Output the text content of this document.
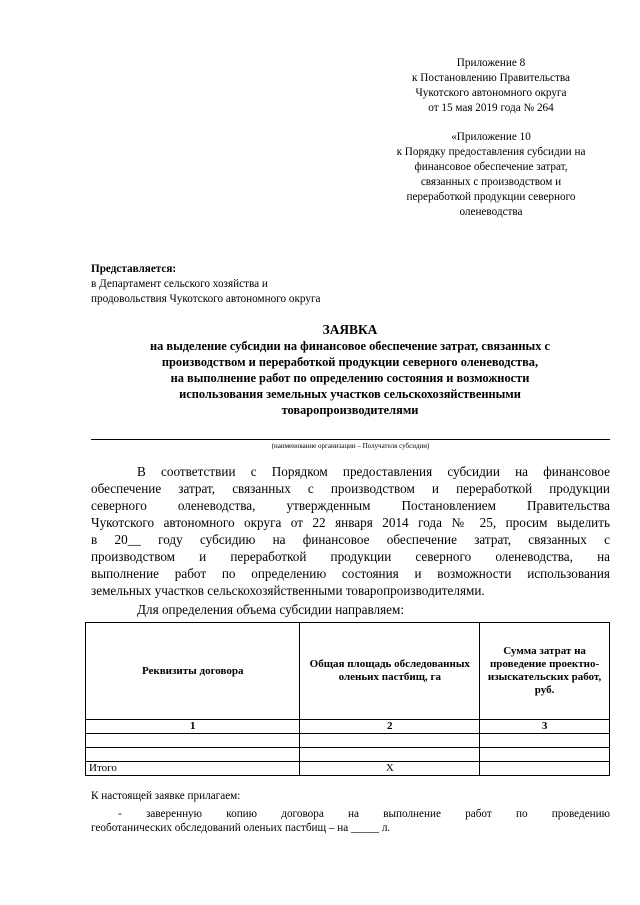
Приложение 8
к Постановлению Правительства
Чукотского автономного округа
от 15 мая 2019 года № 264
«Приложение 10
к Порядку предоставления субсидии на
финансовое обеспечение затрат,
связанных с производством и
переработкой продукции северного
оленеводства
Представляется:
в Департамент сельского хозяйства и
продовольствия Чукотского автономного округа
ЗАЯВКА
на выделение субсидии на финансовое обеспечение затрат, связанных с
производством и переработкой продукции северного оленеводства,
на выполнение работ по определению состояния и возможности
использования земельных участков сельскохозяйственными
товаропроизводителями
(наименование организации – Получателя субсидии)
В соответствии с Порядком предоставления субсидии на финансовое
обеспечение затрат, связанных с производством и переработкой продукции
северного оленеводства, утвержденным Постановлением Правительства
Чукотского автономного округа от 22 января 2014 года № 25, просим выделить
в 20__ году субсидию на финансовое обеспечение затрат, связанных с
производством и переработкой продукции северного оленеводства, на
выполнение работ по определению состояния и возможности использования
земельных участков сельскохозяйственными товаропроизводителями.
Для определения объема субсидии направляем:
Реквизиты договора	Общая площадь обследованных оленьих пастбищ, га	Сумма затрат на проведение проектно-изыскательских работ, руб.
1	2	3

Итого	Х	
К настоящей заявке прилагаем:
- заверенную копию договора на выполнение работ по проведению
геоботанических обследований оленьих пастбищ – на _____ л.
